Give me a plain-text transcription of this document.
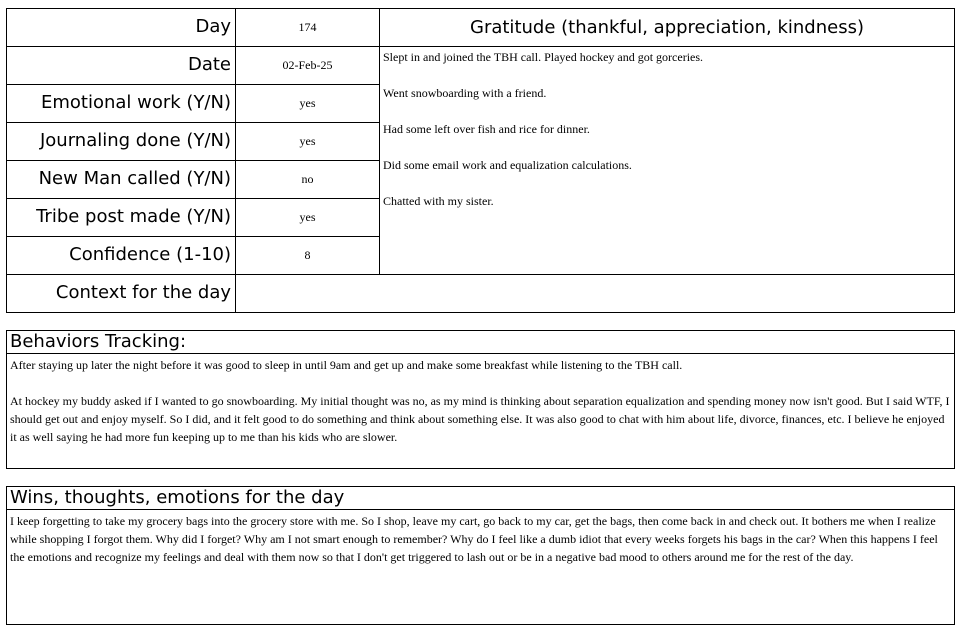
Day
Date
Emotional work (Y/N)
Journaling done (Y/N)
New Man called (Y/N)
Tribe post made (Y/N)
Confidence (1-10)
Context for the day
174
02-Feb-25
yes
yes
no
yes
8
Gratitude (thankful, appreciation, kindness)
Slept in and joined the TBH call. Played hockey and got gorceries.
Went snowboarding with a friend.
Had some left over fish and rice for dinner.
Did some email work and equalization calculations.
Chatted with my sister.
Behaviors Tracking:

After staying up later the night before it was good to sleep in until 9am and get up and make some breakfast while listening to the TBH call.

At hockey my buddy asked if I wanted to go snowboarding. My initial thought was no, as my mind is thinking about separation equalization and spending money now isn't good. But I said WTF, I should get out and enjoy myself. So I did, and it felt good to do something and think about something else. It was also good to chat with him about life, divorce, finances, etc. I believe he enjoyed it as well saying he had more fun keeping up to me than his kids who are slower.

Wins, thoughts, emotions for the day
I keep forgetting to take my grocery bags into the grocery store with me. So I shop, leave my cart, go back to my car, get the bags, then come back in and check out. It bothers me when I realize while shopping I forgot them. Why did I forget? Why am I not smart enough to remember? Why do I feel like a dumb idiot that every weeks forgets his bags in the car? When this happens I feel the emotions and recognize my feelings and deal with them now so that I don't get triggered to lash out or be in a negative bad mood to others around me for the rest of the day.
